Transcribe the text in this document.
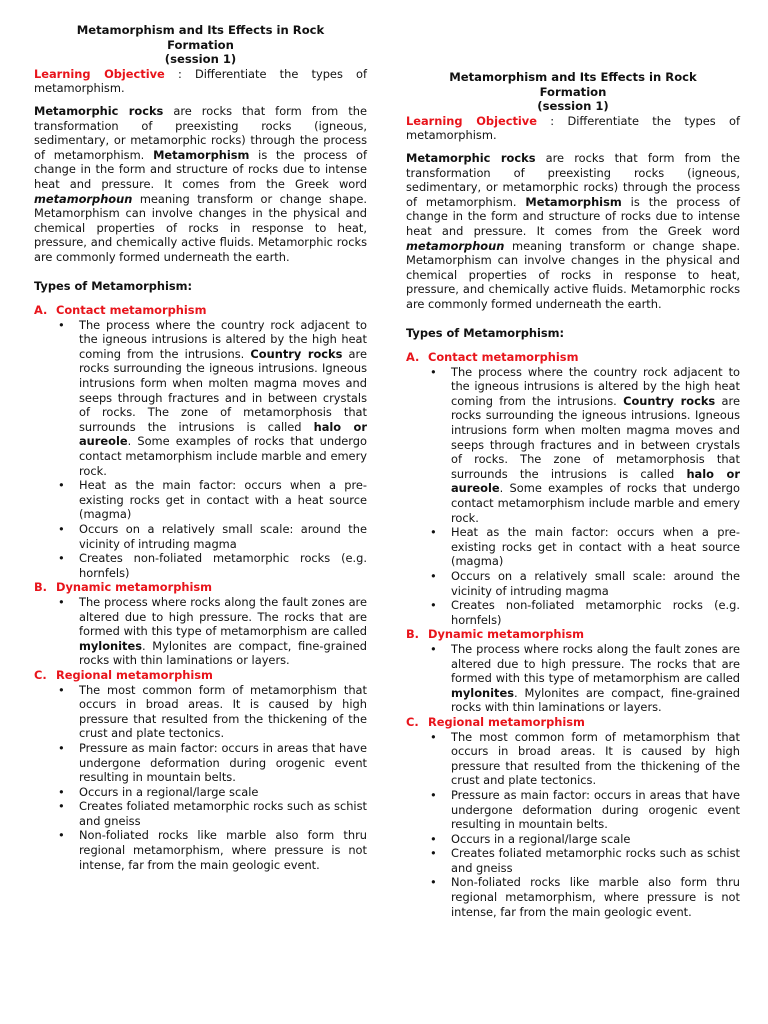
Metamorphism and Its Effects in Rock

Formation

(session 1)

Learning Objective : Differentiate the types of metamorphism.

Metamorphic rocks are rocks that form from the transformation of preexisting rocks (igneous, sedimentary, or metamorphic rocks) through the process of metamorphism. Metamorphism is the process of change in the form and structure of rocks due to intense heat and pressure. It comes from the Greek word metamorphoun meaning transform or change shape. Metamorphism can involve changes in the physical and chemical properties of rocks in response to heat, pressure, and chemically active fluids. Metamorphic rocks are commonly formed underneath the earth.

Types of Metamorphism:

A. Contact metamorphism

• The process where the country rock adjacent to the igneous intrusions is altered by the high heat coming from the intrusions. Country rocks are rocks surrounding the igneous intrusions. Igneous intrusions form when molten magma moves and seeps through fractures and in between crystals of rocks. The zone of metamorphosis that surrounds the intrusions is called halo or aureole. Some examples of rocks that undergo contact metamorphism include marble and emery rock.
• Heat as the main factor: occurs when a pre-existing rocks get in contact with a heat source (magma)
• Occurs on a relatively small scale: around the vicinity of intruding magma
• Creates non-foliated metamorphic rocks (e.g. hornfels)

B. Dynamic metamorphism

• The process where rocks along the fault zones are altered due to high pressure. The rocks that are formed with this type of metamorphism are called mylonites. Mylonites are compact, fine-grained rocks with thin laminations or layers.

C. Regional metamorphism

• The most common form of metamorphism that occurs in broad areas. It is caused by high pressure that resulted from the thickening of the crust and plate tectonics.
• Pressure as main factor: occurs in areas that have undergone deformation during orogenic event resulting in mountain belts.
• Occurs in a regional/large scale
• Creates foliated metamorphic rocks such as schist and gneiss
• Non-foliated rocks like marble also form thru regional metamorphism, where pressure is not intense, far from the main geologic event.

Metamorphism and Its Effects in Rock

Formation

(session 1)

Learning Objective : Differentiate the types of metamorphism.

Metamorphic rocks are rocks that form from the transformation of preexisting rocks (igneous, sedimentary, or metamorphic rocks) through the process of metamorphism. Metamorphism is the process of change in the form and structure of rocks due to intense heat and pressure. It comes from the Greek word metamorphoun meaning transform or change shape. Metamorphism can involve changes in the physical and chemical properties of rocks in response to heat, pressure, and chemically active fluids. Metamorphic rocks are commonly formed underneath the earth.

Types of Metamorphism:

A. Contact metamorphism

• The process where the country rock adjacent to the igneous intrusions is altered by the high heat coming from the intrusions. Country rocks are rocks surrounding the igneous intrusions. Igneous intrusions form when molten magma moves and seeps through fractures and in between crystals of rocks. The zone of metamorphosis that surrounds the intrusions is called halo or aureole. Some examples of rocks that undergo contact metamorphism include marble and emery rock.
• Heat as the main factor: occurs when a pre-existing rocks get in contact with a heat source (magma)
• Occurs on a relatively small scale: around the vicinity of intruding magma
• Creates non-foliated metamorphic rocks (e.g. hornfels)

B. Dynamic metamorphism

• The process where rocks along the fault zones are altered due to high pressure. The rocks that are formed with this type of metamorphism are called mylonites. Mylonites are compact, fine-grained rocks with thin laminations or layers.

C. Regional metamorphism

• The most common form of metamorphism that occurs in broad areas. It is caused by high pressure that resulted from the thickening of the crust and plate tectonics.
• Pressure as main factor: occurs in areas that have undergone deformation during orogenic event resulting in mountain belts.
• Occurs in a regional/large scale
• Creates foliated metamorphic rocks such as schist and gneiss
• Non-foliated rocks like marble also form thru regional metamorphism, where pressure is not intense, far from the main geologic event.
